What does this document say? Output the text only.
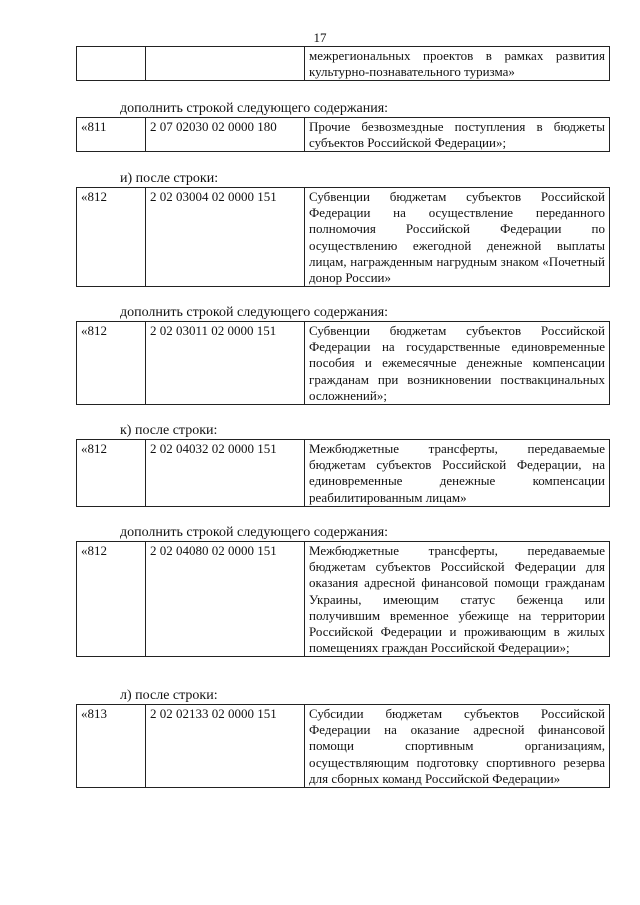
17
		межрегиональных проектов в рамках развития культурно-познавательного туризма»
дополнить строкой следующего содержания:
«811	2 07 02030 02 0000 180	Прочие безвозмездные поступления в бюджеты субъектов Российской Федерации»;
и) после строки:
«812	2 02 03004 02 0000 151	Субвенции бюджетам субъектов Российской Федерации на осуществление переданного полномочия Российской Федерации по осуществлению ежегодной денежной выплаты лицам, награжденным нагрудным знаком «Почетный донор России»
дополнить строкой следующего содержания:
«812	2 02 03011 02 0000 151	Субвенции бюджетам субъектов Российской Федерации на государственные единовременные пособия и ежемесячные денежные компенсации гражданам при возникновении поствакцинальных осложнений»;
к) после строки:
«812	2 02 04032 02 0000 151	Межбюджетные трансферты, передаваемые бюджетам субъектов Российской Федерации, на единовременные денежные компенсации реабилитированным лицам»
дополнить строкой следующего содержания:
«812	2 02 04080 02 0000 151	Межбюджетные трансферты, передаваемые бюджетам субъектов Российской Федерации для оказания адресной финансовой помощи гражданам Украины, имеющим статус беженца или получившим временное убежище на территории Российской Федерации и проживающим в жилых помещениях граждан Российской Федерации»;
л) после строки:
«813	2 02 02133 02 0000 151	Субсидии бюджетам субъектов Российской Федерации на оказание адресной финансовой помощи спортивным организациям, осуществляющим подготовку спортивного резерва для сборных команд Российской Федерации»
